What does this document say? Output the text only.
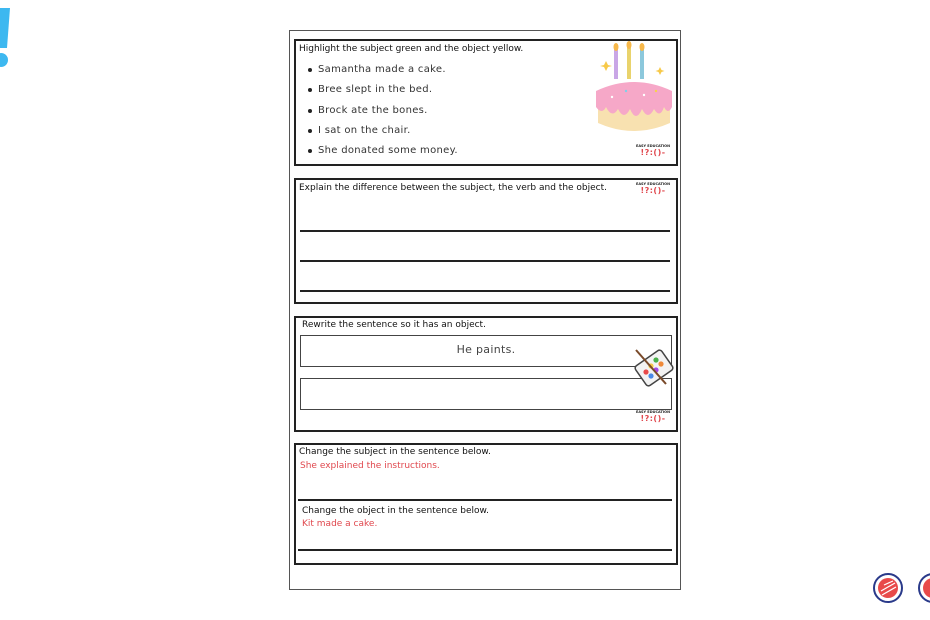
Highlight the subject green and the object yellow.
Samantha made a cake.
Bree slept in the bed.
Brock ate the bones.
I sat on the chair.
She donated some money.	EASY EDUCATION
!?:()-
Explain the difference between the subject, the verb and the object.	EASY EDUCATION
!?:()-
Rewrite the sentence so it has an object.
He paints.
EASY EDUCATION
!?:()-
Change the subject in the sentence below.
She explained the instructions.
Change the object in the sentence below.
Kit made a cake.
